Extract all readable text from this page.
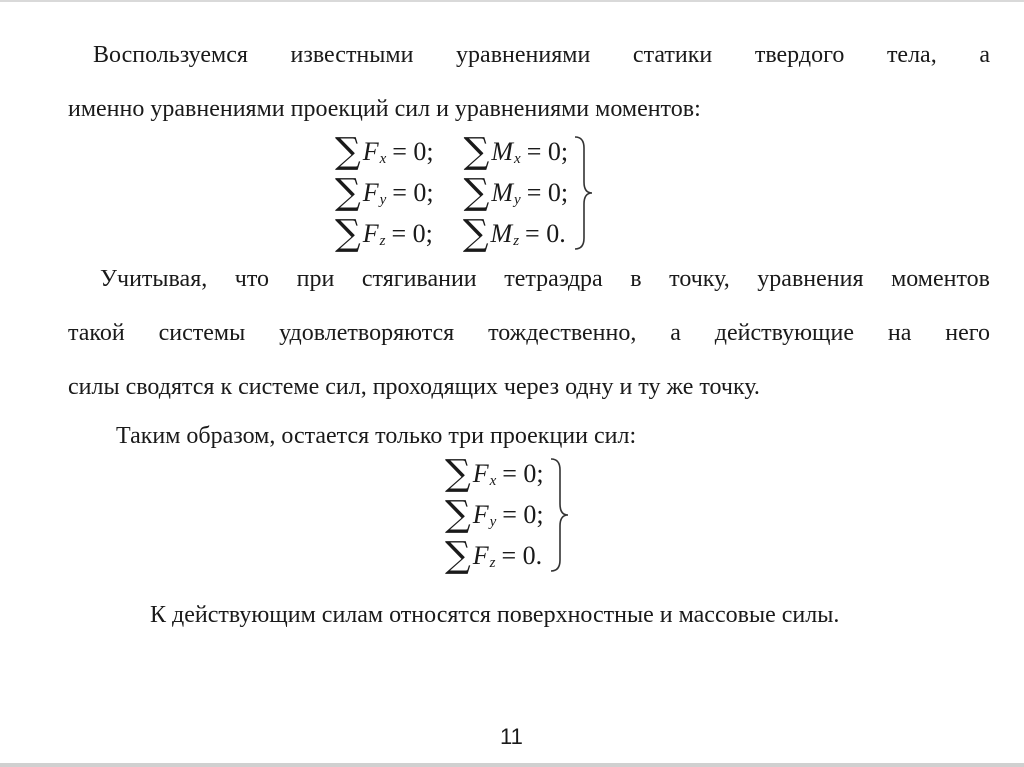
Воспользуемся известными уравнениями статики твердого тела, а
именно уравнениями проекций сил и уравнениями моментов:
∑ F x = 0; ∑ M x = 0;
∑ F y = 0; ∑ M y = 0;
∑ F z = 0; ∑ M z = 0.
Учитывая, что при стягивании тетраэдра в точку, уравнения моментов
такой системы удовлетворяются тождественно, а действующие на него
силы сводятся к системе сил, проходящих через одну и ту же точку.
Таким образом, остается только три проекции сил:
∑ F x = 0;
∑ F y = 0;
∑ F z = 0.
К действующим силам относятся поверхностные и массовые силы.
11
